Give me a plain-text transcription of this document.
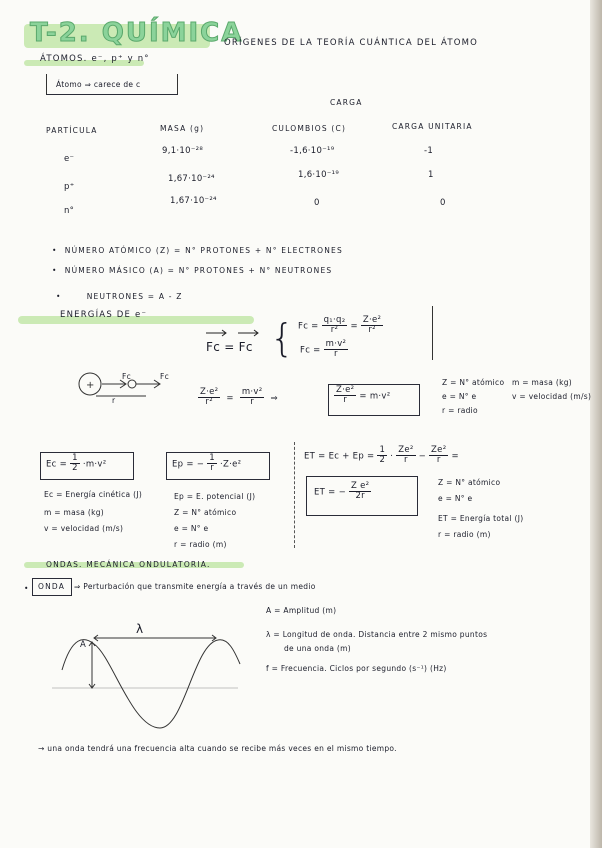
T-2. QUÍMICA
ORÍGENES DE LA TEORÍA CUÁNTICA DEL ÁTOMO
ÁTOMOS. e⁻, p⁺ y n°
Átomo ⇒ carece de c
CARGA
PARTÍCULA	MASA (g)	CULOMBIOS (C)	CARGA UNITARIA
e⁻
9,1·10⁻²⁸	-1,6·10⁻¹⁹	-1
p⁺
1,67·10⁻²⁴	1,6·10⁻¹⁹	1
n°
1,67·10⁻²⁴	0	0
•  NÚMERO ATÓMICO (Z) = N° PROTONES + N° ELECTRONES
•  NÚMERO MÁSICO (A) = N° PROTONES + N° NEUTRONES
•       NEUTRONES = A - Z
ENERGÍAS DE e⁻
Fc = Fc { $Fc = \frac{\text{q₁·q₂}}{\text{r²}} = \frac{\text{Z·e²}}{\text{r²}}$
$Fc = \frac{\text{m·v²}}{r}$
+
Fc	Fc
r	$\frac{\text{Z·e²}}{\text{r²}} = \frac{\text{m·v²}}{r}$ ⇒	$\frac{\text{Z·e²}}{r} = m\cdot v^2$
Z = N° atómico m = masa (kg)
e = N° e	v = velocidad (m/s)
r = radio
$Ec = \frac{1}{2} \cdot m\cdot v^2$
Ec = Energía cinética (J)
m = masa (kg)
v = velocidad (m/s)
Ep = − $\frac{1}{r} \cdot Z\cdot e^2$
Ep = E. potencial (J)
Z = N° atómico
e = N° e
r = radio (m)
ET = $Ec + Ep = \frac{1}{2} \cdot \frac{\text{Ze²}}{r} - \frac{\text{Ze²}}{r}$ =
ET = − $\frac{\text{Z e²}}{2r}$	Z = N° atómico
e = N° e
ET = Energía total (J)
r = radio (m)
ONDAS. MECÁNICA ONDULATORIA.
• ONDA ⇒ Perturbación que transmite energía a través de un medio
λ
A
A = Amplitud (m)
λ = Longitud de onda. Distancia entre 2 mismo puntos
de una onda (m)
f = Frecuencia. Ciclos por segundo (s⁻¹) (Hz)
→ una onda tendrá una frecuencia alta cuando se recibe más veces en el mismo tiempo.
